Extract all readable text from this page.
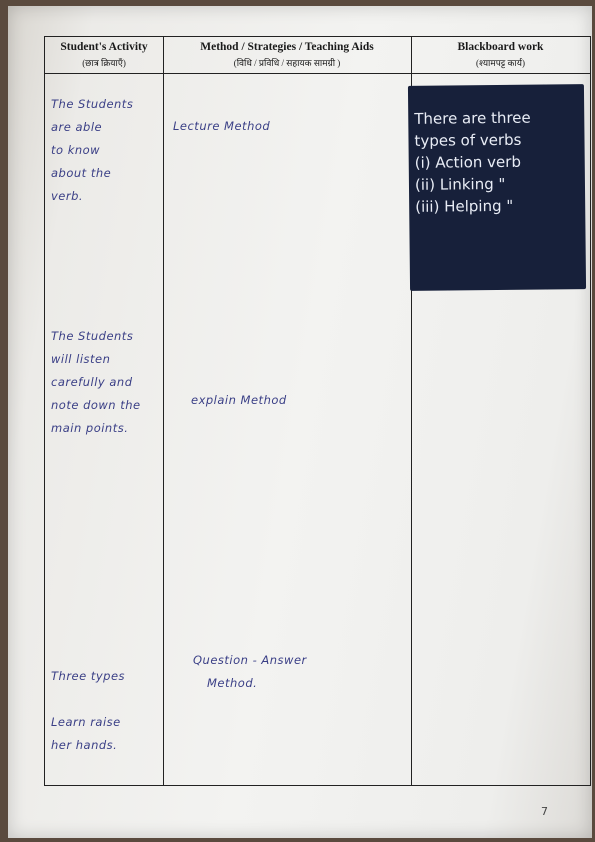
Student's Activity
(छात्र क्रियाएँ)
Method / Strategies / Teaching Aids
(विधि / प्रविधि / सहायक सामग्री )
Blackboard work
(श्यामपट्ट कार्य)
The Students
are able
to know
about the
verb.
Lecture Method
The Students
will listen
carefully and
note down the
main points.
explain Method
Three types

Learn raise
her hands.
Question - Answer
Method.
There are three
types of verbs
(i) Action verb
(ii) Linking "
(iii) Helping "
7
